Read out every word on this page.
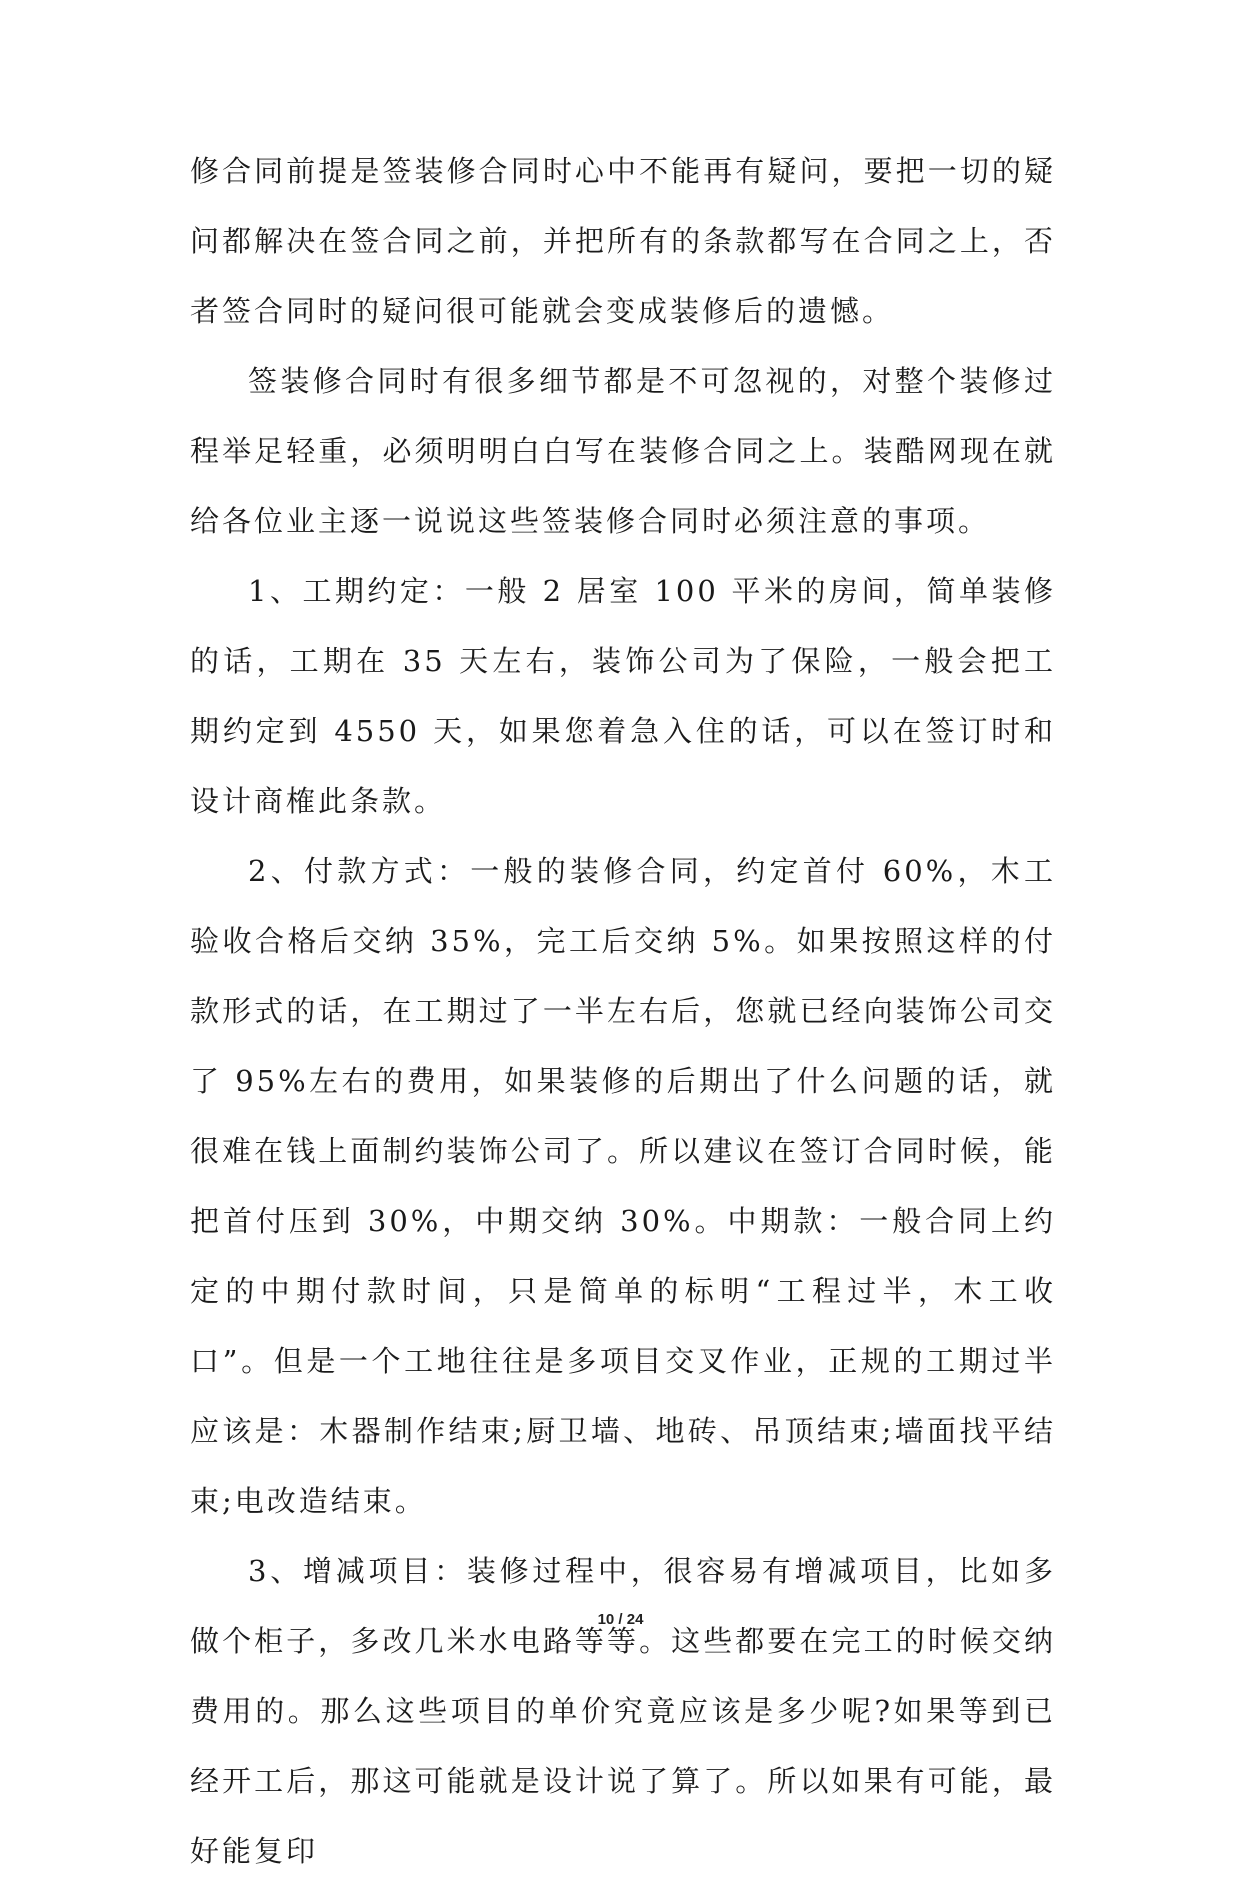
修合同前提是签装修合同时心中不能再有疑问，要把一切的疑问都解决在签合同之前，并把所有的条款都写在合同之上，否者签合同时的疑问很可能就会变成装修后的遗憾。

签装修合同时有很多细节都是不可忽视的，对整个装修过程举足轻重，必须明明白白写在装修合同之上。装酷网现在就给各位业主逐一说说这些签装修合同时必须注意的事项。

1、工期约定：一般 2 居室 100 平米的房间，简单装修的话，工期在 35 天左右，装饰公司为了保险，一般会把工期约定到 4550 天，如果您着急入住的话，可以在签订时和设计商榷此条款。

2、付款方式：一般的装修合同，约定首付 60%，木工验收合格后交纳 35%，完工后交纳 5%。如果按照这样的付款形式的话，在工期过了一半左右后，您就已经向装饰公司交了 95%左右的费用，如果装修的后期出了什么问题的话，就很难在钱上面制约装饰公司了。所以建议在签订合同时候，能把首付压到 30%，中期交纳 30%。中期款：一般合同上约定的中期付款时间，只是简单的标明“工程过半，木工收口”。但是一个工地往往是多项目交叉作业，正规的工期过半应该是：木器制作结束;厨卫墙、地砖、吊顶结束;墙面找平结束;电改造结束。

3、增减项目：装修过程中，很容易有增减项目，比如多做个柜子，多改几米水电路等等。这些都要在完工的时候交纳费用的。那么这些项目的单价究竟应该是多少呢?如果等到已经开工后，那这可能就是设计说了算了。所以如果有可能，最好能复印

10 / 24
